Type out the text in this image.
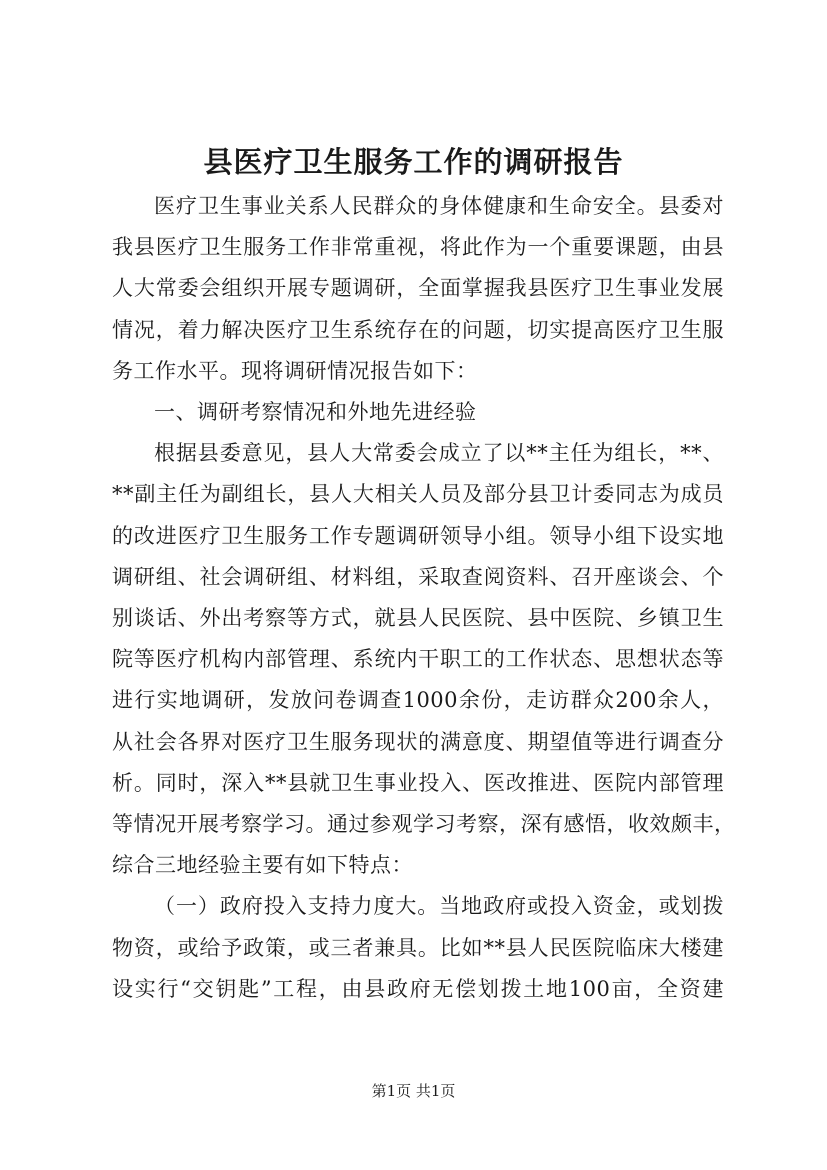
县医疗卫生服务工作的调研报告
医疗卫生事业关系人民群众的身体健康和生命安全。县委对
我县医疗卫生服务工作非常重视，将此作为一个重要课题，由县
人大常委会组织开展专题调研，全面掌握我县医疗卫生事业发展
情况，着力解决医疗卫生系统存在的问题，切实提高医疗卫生服
务工作水平。现将调研情况报告如下：
一、调研考察情况和外地先进经验
根据县委意见，县人大常委会成立了以**主任为组长，**、
**副主任为副组长，县人大相关人员及部分县卫计委同志为成员
的改进医疗卫生服务工作专题调研领导小组。领导小组下设实地
调研组、社会调研组、材料组，采取查阅资料、召开座谈会、个
别谈话、外出考察等方式，就县人民医院、县中医院、乡镇卫生
院等医疗机构内部管理、系统内干职工的工作状态、思想状态等
进行实地调研，发放问卷调查1000余份，走访群众200余人，
从社会各界对医疗卫生服务现状的满意度、期望值等进行调查分
析。同时，深入**县就卫生事业投入、医改推进、医院内部管理
等情况开展考察学习。通过参观学习考察，深有感悟，收效颇丰，
综合三地经验主要有如下特点：
（一）政府投入支持力度大。当地政府或投入资金，或划拨
物资，或给予政策，或三者兼具。比如**县人民医院临床大楼建
设实行“交钥匙”工程，由县政府无偿划拨土地100亩，全资建
第1页 共1页
